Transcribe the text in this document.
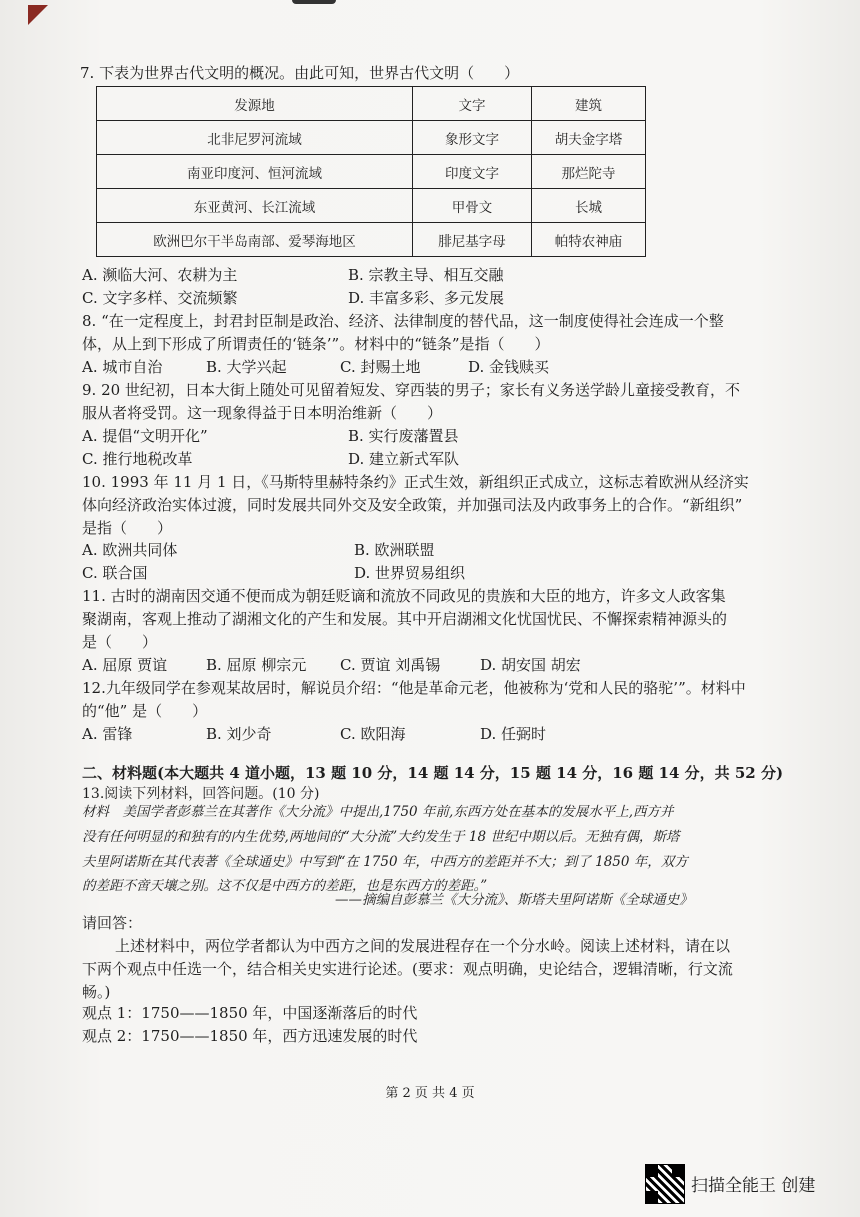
7. 下表为世界古代文明的概况。由此可知，世界古代文明（　　）
发源地	文字	建筑
北非尼罗河流域	象形文字	胡夫金字塔
南亚印度河、恒河流域	印度文字	那烂陀寺
东亚黄河、长江流域	甲骨文	长城
欧洲巴尔干半岛南部、爱琴海地区	腓尼基字母	帕特农神庙
A. 濒临大河、农耕为主	B. 宗教主导、相互交融
C. 文字多样、交流频繁	D. 丰富多彩、多元发展
8. “在一定程度上，封君封臣制是政治、经济、法律制度的替代品，这一制度使得社会连成一个整
体，从上到下形成了所谓责任的‘链条’”。材料中的“链条”是指（　　）
A. 城市自治	B. 大学兴起	C. 封赐土地	D. 金钱赎买
9. 20 世纪初，日本大街上随处可见留着短发、穿西装的男子；家长有义务送学龄儿童接受教育，不
服从者将受罚。这一现象得益于日本明治维新（　　）
A. 提倡“文明开化”	B. 实行废藩置县
C. 推行地税改革	D. 建立新式军队
10. 1993 年 11 月 1 日，《马斯特里赫特条约》正式生效，新组织正式成立，这标志着欧洲从经济实
体向经济政治实体过渡，同时发展共同外交及安全政策，并加强司法及内政事务上的合作。“新组织”
是指（　　）
A. 欧洲共同体	B. 欧洲联盟
C. 联合国	D. 世界贸易组织
11. 古时的湖南因交通不便而成为朝廷贬谪和流放不同政见的贵族和大臣的地方，许多文人政客集
聚湖南，客观上推动了湖湘文化的产生和发展。其中开启湖湘文化忧国忧民、不懈探索精神源头的
是（　　）
A. 屈原 贾谊	B. 屈原 柳宗元 C. 贾谊 刘禹锡	D. 胡安国 胡宏
12.九年级同学在参观某故居时，解说员介绍：“他是革命元老，他被称为‘党和人民的骆驼’”。材料中
的“他” 是（　　）
A. 雷锋	B. 刘少奇	C. 欧阳海	D. 任弼时
二、材料题(本大题共 4 道小题，13 题 10 分，14 题 14 分，15 题 14 分，16 题 14 分，共 52 分)
13.阅读下列材料，回答问题。(10 分)
材料　美国学者彭慕兰在其著作《大分流》中提出,1750 年前,东西方处在基本的发展水平上,西方并
没有任何明显的和独有的内生优势,两地间的“大分流”大约发生于 18 世纪中期以后。无独有偶，斯塔
夫里阿诺斯在其代表著《全球通史》中写到“在 1750 年，中西方的差距并不大；到了 1850 年，双方
的差距不啻天壤之别。这不仅是中西方的差距，也是东西方的差距。”
——摘编自彭慕兰《大分流》、斯塔夫里阿诺斯《全球通史》
请回答：
上述材料中，两位学者都认为中西方之间的发展进程存在一个分水岭。阅读上述材料，请在以
下两个观点中任选一个，结合相关史实进行论述。(要求：观点明确，史论结合，逻辑清晰，行文流
畅。)
观点 1：1750——1850 年，中国逐渐落后的时代
观点 2：1750——1850 年，西方迅速发展的时代
第 2 页 共 4 页
扫描全能王 创建
